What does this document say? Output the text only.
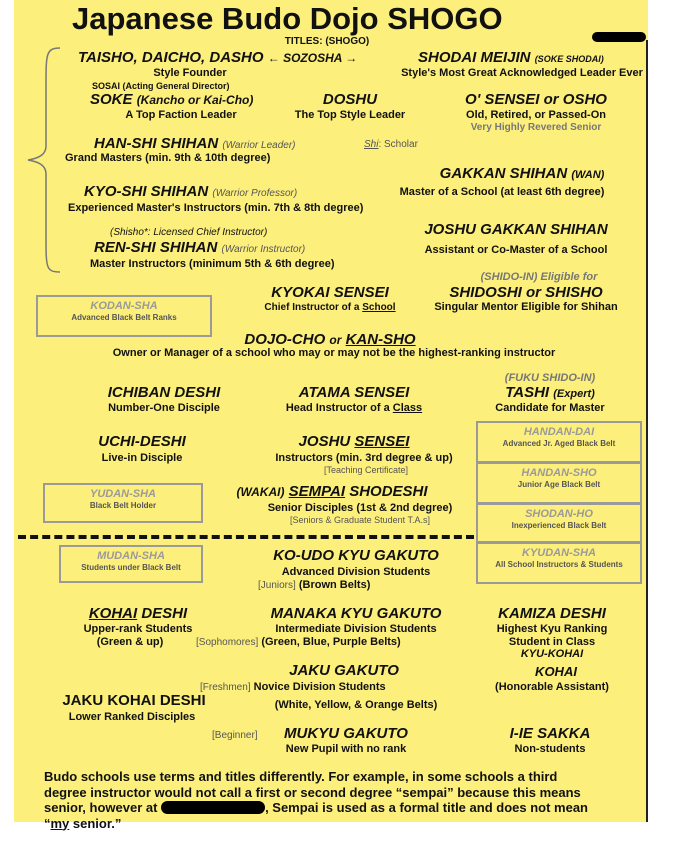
Japanese Budo Dojo SHOGO
TITLES: (SHOGO)
TAISHO, DAICHO, DASHO ← SOZOSHA →
Style Founder
SOSAI (Acting General Director)
SHODAI MEIJIN (SOKE SHODAI)
Style's Most Great Acknowledged Leader Ever
SOKE (Kancho or Kai-Cho)
A Top Faction Leader
DOSHU
The Top Style Leader
O' SENSEI or OSHO
Old, Retired, or Passed-On
Very Highly Revered Senior
HAN-SHI SHIHAN (Warrior Leader)	Shi: Scholar
Grand Masters (min. 9th & 10th degree)
GAKKAN SHIHAN (WAN)
Master of a School (at least 6th degree)
KYO-SHI SHIHAN (Warrior Professor)
Experienced Master's Instructors (min. 7th & 8th degree)
JOSHU GAKKAN SHIHAN
Assistant or Co-Master of a School
(Shisho*: Licensed Chief Instructor)
REN-SHI SHIHAN (Warrior Instructor)
Master Instructors (minimum 5th & 6th degree)
KODAN-SHA
Advanced Black Belt Ranks
KYOKAI SENSEI
Chief Instructor of a School
(SHIDO-IN) Eligible for
SHIDOSHI or SHISHO
Singular Mentor Eligible for Shihan
DOJO-CHO or KAN-SHO
Owner or Manager of a school who may or may not be the highest-ranking instructor
ICHIBAN DESHI
Number-One Disciple
ATAMA SENSEI
Head Instructor of a Class
(FUKU SHIDO-IN)
TASHI (Expert)
Candidate for Master
UCHI-DESHI
Live-in Disciple
JOSHU SENSEI
Instructors (min. 3rd degree & up)
[Teaching Certificate]
HANDAN-DAI
Advanced Jr. Aged Black Belt
HANDAN-SHO
Junior Age Black Belt
SHODAN-HO
Inexperienced Black Belt
YUDAN-SHA
Black Belt Holder
(WAKAI) SEMPAI SHODESHI
Senior Disciples (1st & 2nd degree)
[Seniors & Graduate Student T.A.s]
MUDAN-SHA
Students under Black Belt
KO-UDO KYU GAKUTO
Advanced Division Students
[Juniors] (Brown Belts)
KYUDAN-SHA
All School Instructors & Students
KOHAI DESHI
Upper-rank Students
(Green & up)
MANAKA KYU GAKUTO
Intermediate Division Students
[Sophomores] (Green, Blue, Purple Belts)
KAMIZA DESHI
Highest Kyu Ranking
Student in Class
KYU-KOHAI
JAKU GAKUTO
[Freshmen] Novice Division Students
(White, Yellow, & Orange Belts)
KOHAI
(Honorable Assistant)
JAKU KOHAI DESHI
Lower Ranked Disciples
MUKYU GAKUTO
[Beginner]
New Pupil with no rank
I-IE SAKKA
Non-students
Budo schools use terms and titles differently. For example, in some schools a third
degree instructor would not call a first or second degree “sempai” because this means
senior, however at	, Sempai is used as a formal title and does not mean
“my senior.”
